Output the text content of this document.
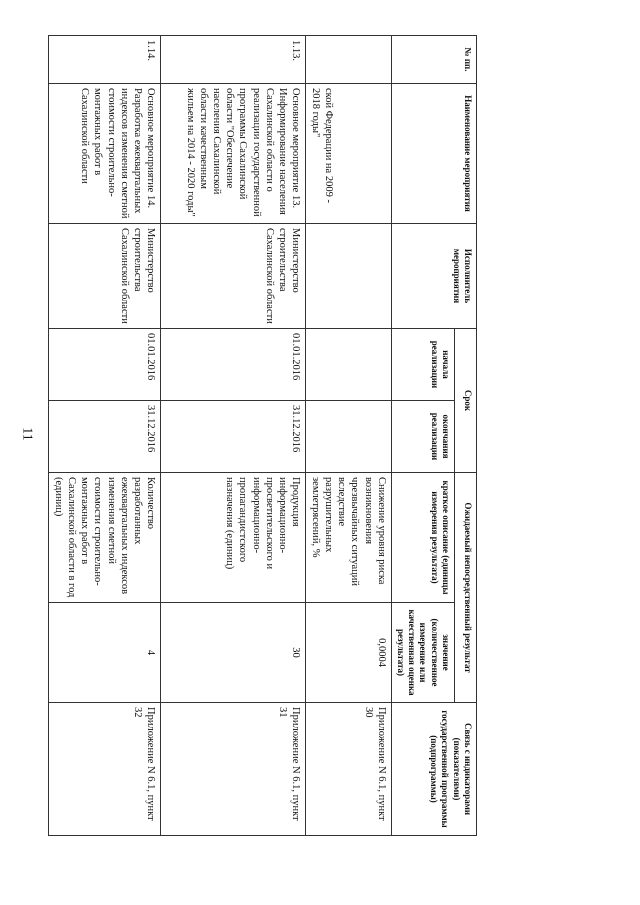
11
№ пп.	Наименование мероприятия	Исполнитель мероприятия	Срок		Ожидаемый непосредственный результат		Связь с индикаторами (показателями) государственной программы (подпрограммы)
			начала реализации	окончания реализации	краткое описание (единицы измерения результата)	значение (количественное измерение или качественная оценка результата)	
	ской Федерации на 2009 - 2018 годы"				Снижение уровня риска возникновения чрезвычайных ситуаций вследствие разрушительных землетрясений, %	0,0004	Приложение N 6.1, пункт 30
1.13.	Основное мероприятие 13. Информирование населения Сахалинской области о реализации государственной программы Сахалинской области "Обеспечение населения Сахалинской области качественным жильем на 2014 - 2020 годы"	Министерство строительства Сахалинской области	01.01.2016	31.12.2016	Продукция информационно-просветительского и информационно-пропагандистского назначения (единиц)	30	Приложение N 6.1, пункт 31
1.14.	Основное мероприятие 14. Разработка ежеквартальных индексов изменения сметной стоимости строительно-монтажных работ в Сахалинской области	Министерство строительства Сахалинской области	01.01.2016	31.12.2016	Количество разработанных ежеквартальных индексов изменения сметной стоимости строительно-монтажных работ в Сахалинской области в год (единиц)	4	Приложение N 6.1, пункт 32
